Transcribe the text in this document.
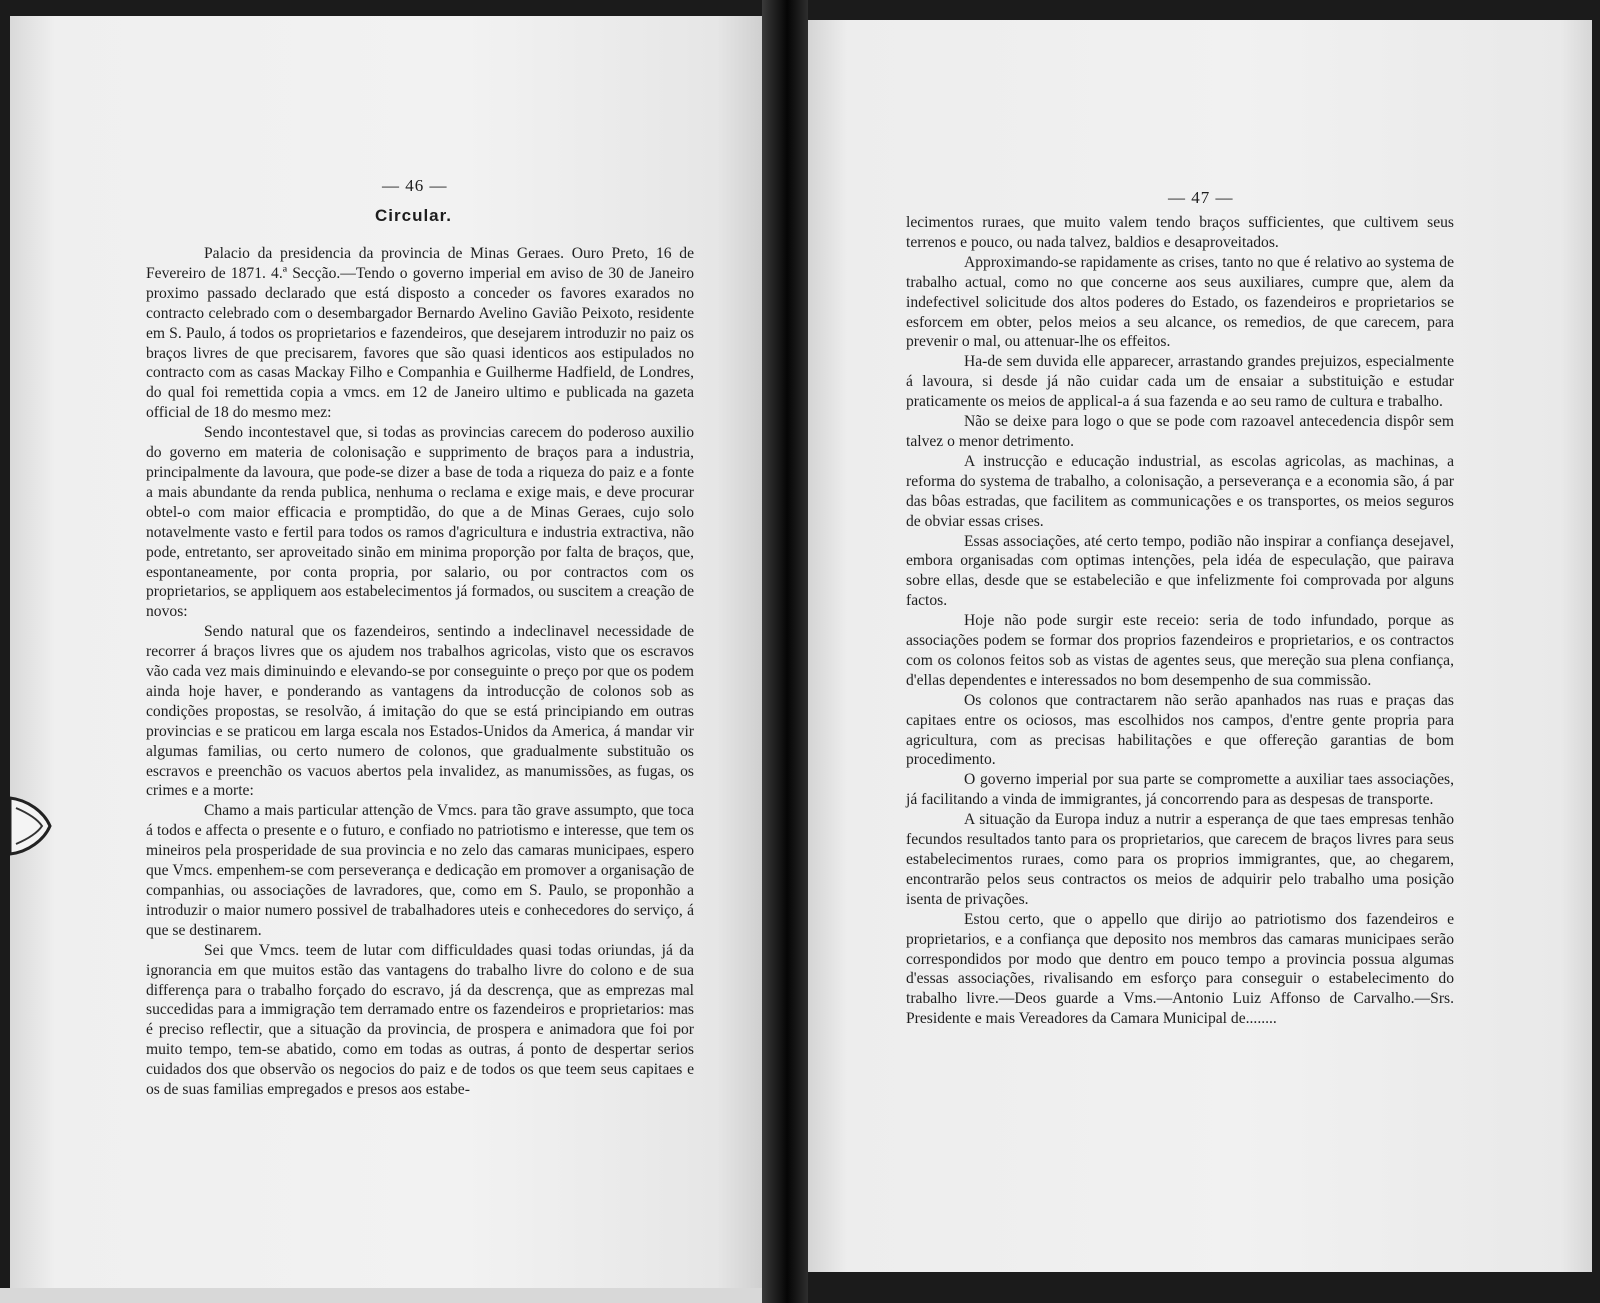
— 46 —
Circular.

Palacio da presidencia da provincia de Minas Geraes. Ouro Preto, 16 de Fevereiro de 1871. 4.ª Secção.—Tendo o governo imperial em aviso de 30 de Janeiro proximo passado declarado que está disposto a conceder os favores exarados no contracto celebrado com o desembargador Bernardo Avelino Gavião Peixoto, residente em S. Paulo, á todos os proprietarios e fazendeiros, que desejarem introduzir no paiz os braços livres de que precisarem, favores que são quasi identicos aos estipulados no contracto com as casas Mackay Filho e Companhia e Guilherme Hadfield, de Londres, do qual foi remettida copia a vmcs. em 12 de Janeiro ultimo e publicada na gazeta official de 18 do mesmo mez:

Sendo incontestavel que, si todas as provincias carecem do poderoso auxilio do governo em materia de colonisação e supprimento de braços para a industria, principalmente da lavoura, que pode-se dizer a base de toda a riqueza do paiz e a fonte a mais abundante da renda publica, nenhuma o reclama e exige mais, e deve procurar obtel-o com maior efficacia e promptidão, do que a de Minas Geraes, cujo solo notavelmente vasto e fertil para todos os ramos d'agricultura e industria extractiva, não pode, entretanto, ser aproveitado sinão em minima proporção por falta de braços, que, espontaneamente, por conta propria, por salario, ou por contractos com os proprietarios, se appliquem aos estabelecimentos já formados, ou suscitem a creação de novos:

Sendo natural que os fazendeiros, sentindo a indeclinavel necessidade de recorrer á braços livres que os ajudem nos trabalhos agricolas, visto que os escravos vão cada vez mais diminuindo e elevando-se por conseguinte o preço por que os podem ainda hoje haver, e ponderando as vantagens da introducção de colonos sob as condições propostas, se resolvão, á imitação do que se está principiando em outras provincias e se praticou em larga escala nos Estados-Unidos da America, á mandar vir algumas familias, ou certo numero de colonos, que gradualmente substituão os escravos e preenchão os vacuos abertos pela invalidez, as manumissões, as fugas, os crimes e a morte:

Chamo a mais particular attenção de Vmcs. para tão grave assumpto, que toca á todos e affecta o presente e o futuro, e confiado no patriotismo e interesse, que tem os mineiros pela prosperidade de sua provincia e no zelo das camaras municipaes, espero que Vmcs. empenhem-se com perseverança e dedicação em promover a organisação de companhias, ou associações de lavradores, que, como em S. Paulo, se proponhão a introduzir o maior numero possivel de trabalhadores uteis e conhecedores do serviço, á que se destinarem.

Sei que Vmcs. teem de lutar com difficuldades quasi todas oriundas, já da ignorancia em que muitos estão das vantagens do trabalho livre do colono e de sua differença para o trabalho forçado do escravo, já da descrença, que as emprezas mal succedidas para a immigração tem derramado entre os fazendeiros e proprietarios: mas é preciso reflectir, que a situação da provincia, de prospera e animadora que foi por muito tempo, tem-se abatido, como em todas as outras, á ponto de despertar serios cuidados dos que observão os negocios do paiz e de todos os que teem seus capitaes e os de suas familias empregados e presos aos estabe-

— 47 —

lecimentos ruraes, que muito valem tendo braços sufficientes, que cultivem seus terrenos e pouco, ou nada talvez, baldios e desaproveitados.

Approximando-se rapidamente as crises, tanto no que é relativo ao systema de trabalho actual, como no que concerne aos seus auxiliares, cumpre que, alem da indefectivel solicitude dos altos poderes do Estado, os fazendeiros e proprietarios se esforcem em obter, pelos meios a seu alcance, os remedios, de que carecem, para prevenir o mal, ou attenuar-lhe os effeitos.

Ha-de sem duvida elle apparecer, arrastando grandes prejuizos, especialmente á lavoura, si desde já não cuidar cada um de ensaiar a substituição e estudar praticamente os meios de applical-a á sua fazenda e ao seu ramo de cultura e trabalho.

Não se deixe para logo o que se pode com razoavel antecedencia dispôr sem talvez o menor detrimento.

A instrucção e educação industrial, as escolas agricolas, as machinas, a reforma do systema de trabalho, a colonisação, a perseverança e a economia são, á par das bôas estradas, que facilitem as communicações e os transportes, os meios seguros de obviar essas crises.

Essas associações, até certo tempo, podião não inspirar a confiança desejavel, embora organisadas com optimas intenções, pela idéa de especulação, que pairava sobre ellas, desde que se estabelecião e que infelizmente foi comprovada por alguns factos.

Hoje não pode surgir este receio: seria de todo infundado, porque as associações podem se formar dos proprios fazendeiros e proprietarios, e os contractos com os colonos feitos sob as vistas de agentes seus, que mereção sua plena confiança, d'ellas dependentes e interessados no bom desempenho de sua commissão.

Os colonos que contractarem não serão apanhados nas ruas e praças das capitaes entre os ociosos, mas escolhidos nos campos, d'entre gente propria para agricultura, com as precisas habilitações e que offereção garantias de bom procedimento.

O governo imperial por sua parte se compromette a auxiliar taes associações, já facilitando a vinda de immigrantes, já concorrendo para as despesas de transporte.

A situação da Europa induz a nutrir a esperança de que taes empresas tenhão fecundos resultados tanto para os proprietarios, que carecem de braços livres para seus estabelecimentos ruraes, como para os proprios immigrantes, que, ao chegarem, encontrarão pelos seus contractos os meios de adquirir pelo trabalho uma posição isenta de privações.

Estou certo, que o appello que dirijo ao patriotismo dos fazendeiros e proprietarios, e a confiança que deposito nos membros das camaras municipaes serão correspondidos por modo que dentro em pouco tempo a provincia possua algumas d'essas associações, rivalisando em esforço para conseguir o estabelecimento do trabalho livre.—Deos guarde a Vms.—Antonio Luiz Affonso de Carvalho.—Srs. Presidente e mais Vereadores da Camara Municipal de........
